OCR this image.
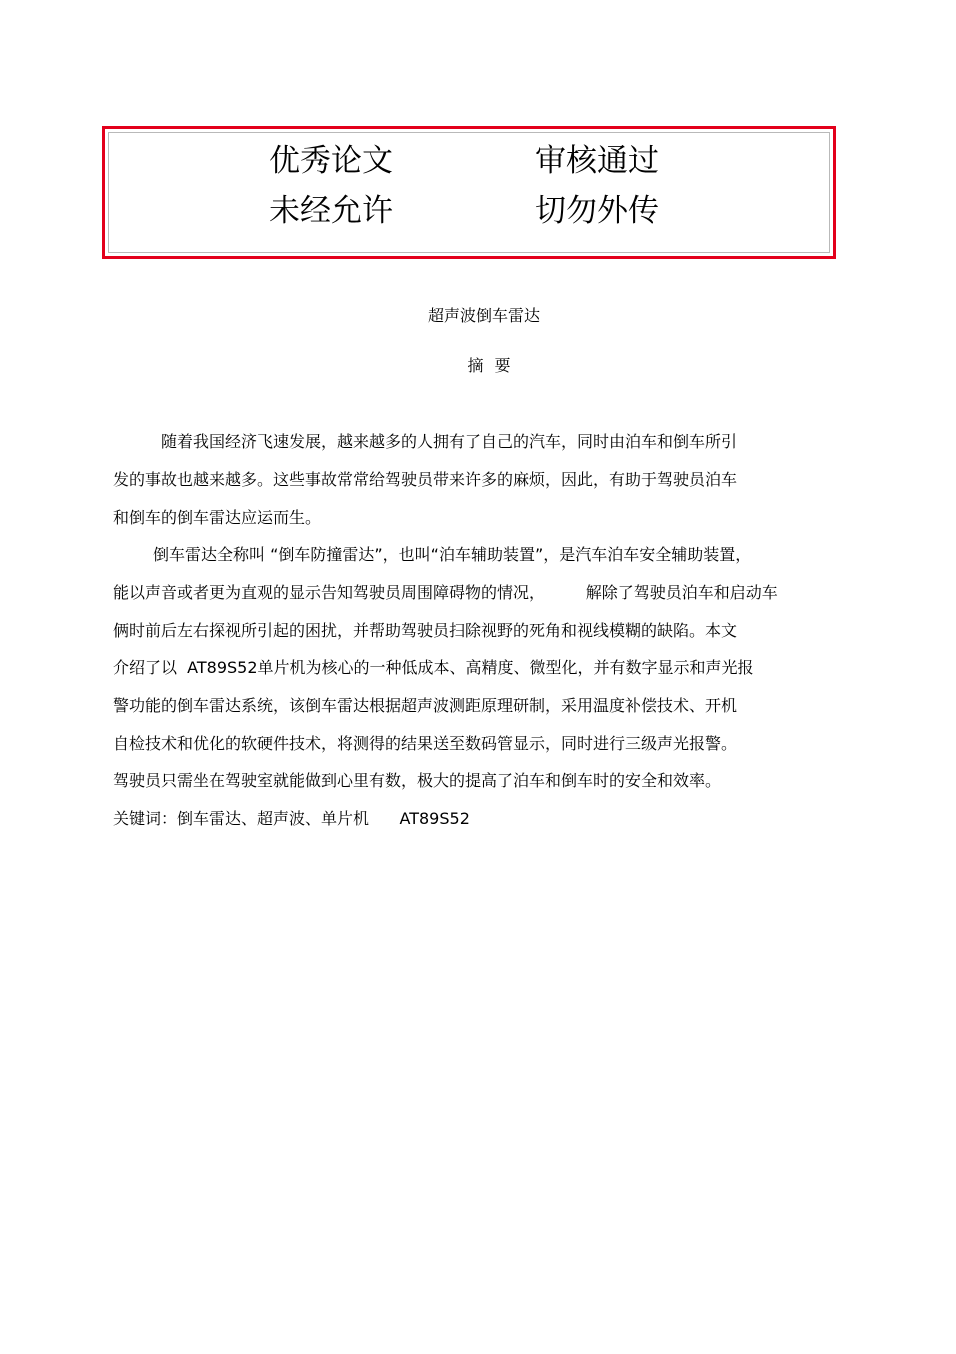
优秀论文	审核通过
未经允许	切勿外传
超声波倒车雷达
摘 要
随着我国经济飞速发展，越来越多的人拥有了自己的汽车，同时由泊车和倒车所引
发的事故也越来越多。这些事故常常给驾驶员带来许多的麻烦，因此，有助于驾驶员泊车
和倒车的倒车雷达应运而生。
倒车雷达全称叫 “倒车防撞雷达”，也叫“泊车辅助装置”，是汽车泊车安全辅助装置，
能以声音或者更为直观的显示告知驾驶员周围障碍物的情况，        解除了驾驶员泊车和启动车
俩时前后左右探视所引起的困扰，并帮助驾驶员扫除视野的死角和视线模糊的缺陷。本文
介绍了以  AT89S52单片机为核心的一种低成本、高精度、微型化，并有数字显示和声光报
警功能的倒车雷达系统，该倒车雷达根据超声波测距原理研制，采用温度补偿技术、开机
自检技术和优化的软硬件技术，将测得的结果送至数码管显示，同时进行三级声光报警。
驾驶员只需坐在驾驶室就能做到心里有数，极大的提高了泊车和倒车时的安全和效率。
关键词：倒车雷达、超声波、单片机      AT89S52
